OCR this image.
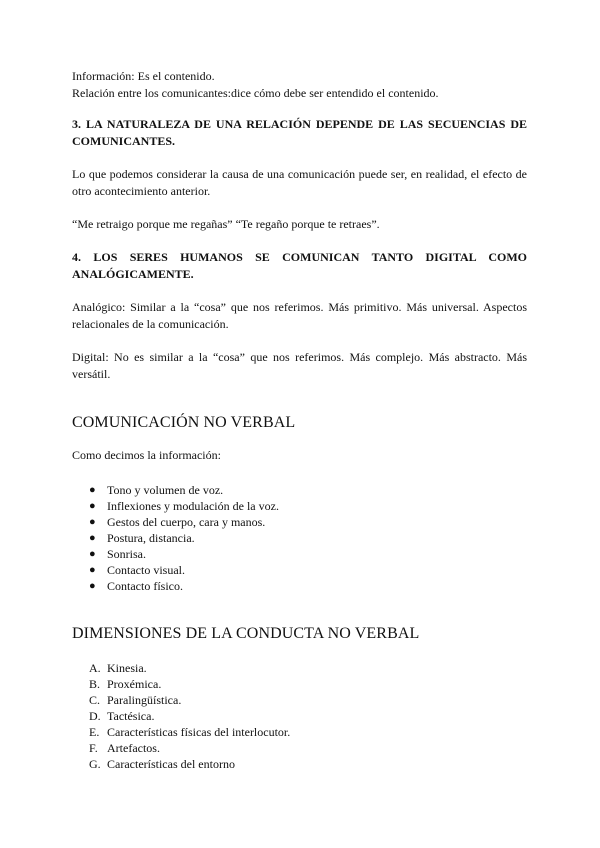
Información: Es el contenido.

Relación entre los comunicantes:dice cómo debe ser entendido el contenido.

3. LA NATURALEZA DE UNA RELACIÓN DEPENDE DE LAS SECUENCIAS DE COMUNICANTES.

Lo que podemos considerar la causa de una comunicación puede ser, en realidad, el efecto de otro acontecimiento anterior.

“Me retraigo porque me regañas” “Te regaño porque te retraes”.

4. LOS SERES HUMANOS SE COMUNICAN TANTO DIGITAL COMO ANALÓGICAMENTE.

Analógico: Similar a la “cosa” que nos referimos. Más primitivo. Más universal. Aspectos relacionales de la comunicación.

Digital: No es similar a la “cosa” que nos referimos. Más complejo. Más abstracto. Más versátil.

COMUNICACIÓN NO VERBAL

Como decimos la información:

● Tono y volumen de voz.
● Inflexiones y modulación de la voz.
● Gestos del cuerpo, cara y manos.
● Postura, distancia.
● Sonrisa.
● Contacto visual.
● Contacto físico.
DIMENSIONES DE LA CONDUCTA NO VERBAL
A. Kinesia.
B. Proxémica.
C. Paralingüística.
D. Tactésica.
E. Características físicas del interlocutor.
F. Artefactos.
G. Características del entorno
